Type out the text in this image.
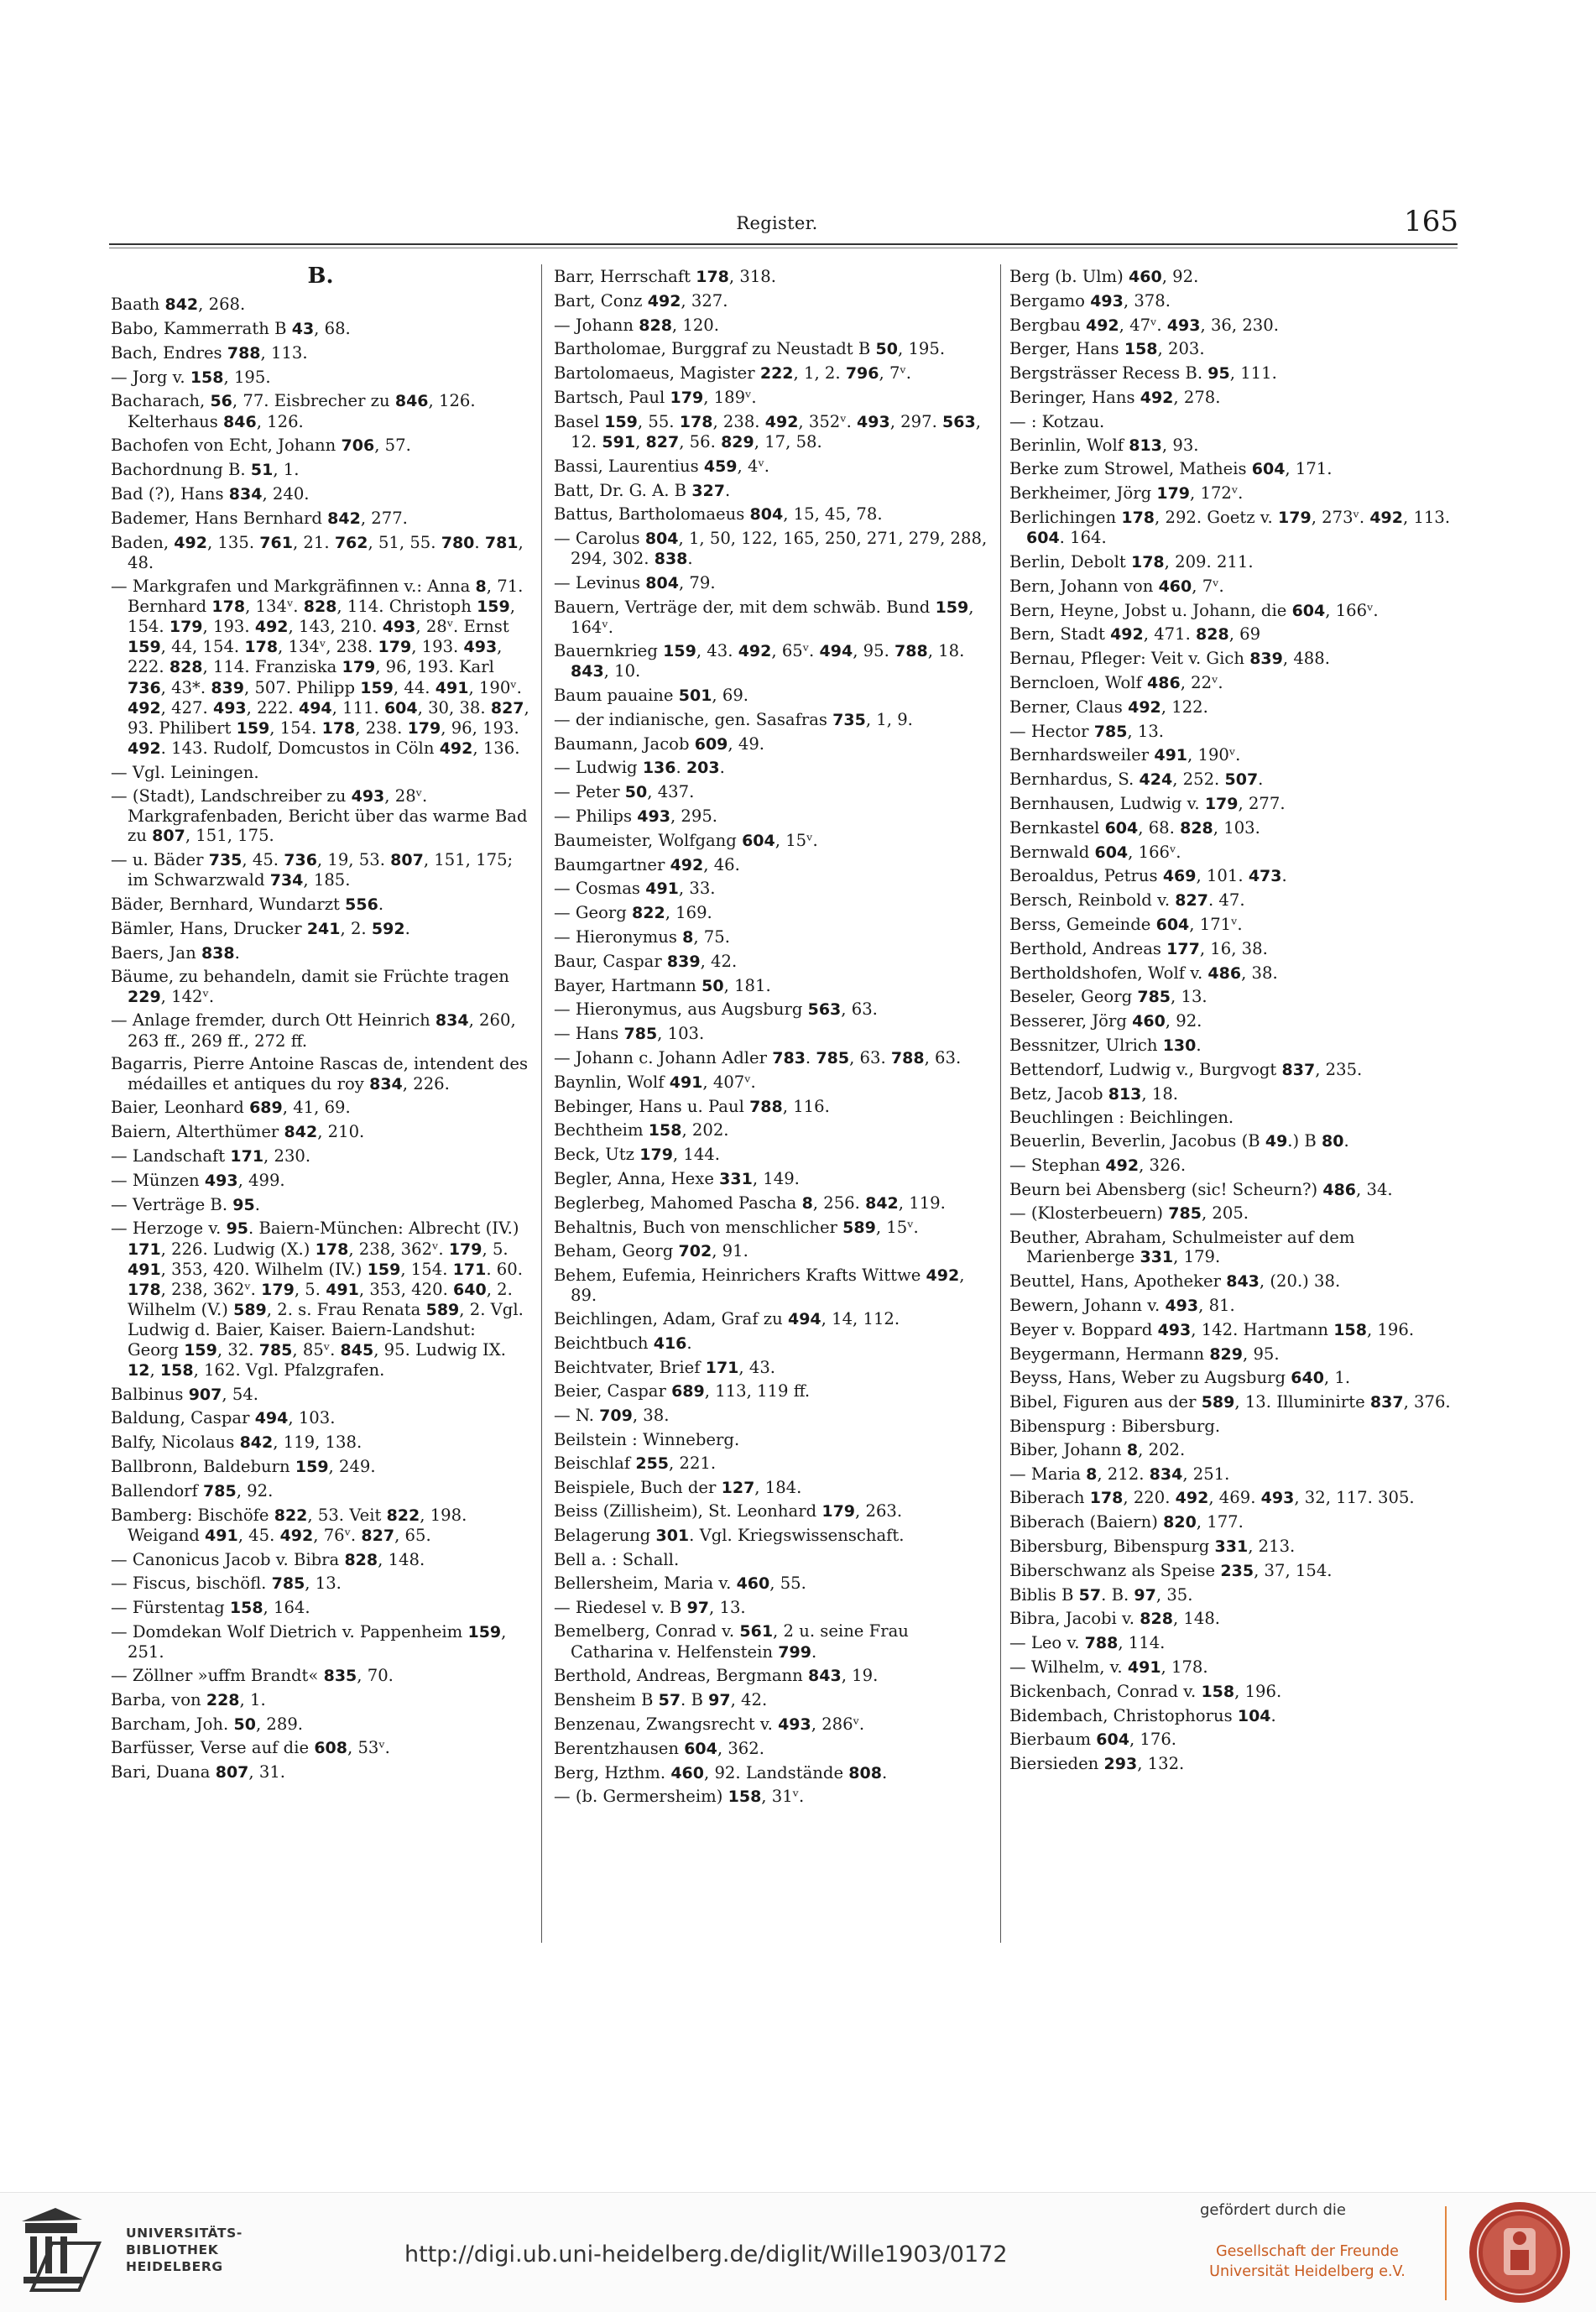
Register.	165
B.
Baath 842, 268.
Babo, Kammerrath B 43, 68.
Bach, Endres 788, 113.
— Jorg v. 158, 195.
Bacharach, 56, 77. Eisbrecher zu 846, 126. Kelterhaus 846, 126.
Bachofen von Echt, Johann 706, 57.
Bachordnung B. 51, 1.
Bad (?), Hans 834, 240.
Bademer, Hans Bernhard 842, 277.
Baden, 492, 135. 761, 21. 762, 51, 55. 780. 781, 48.
— Markgrafen und Markgräfinnen v.: Anna 8, 71. Bernhard 178, 134ᵛ. 828, 114. Christoph 159, 154. 179, 193. 492, 143, 210. 493, 28ᵛ. Ernst 159, 44, 154. 178, 134ᵛ, 238. 179, 193. 493, 222. 828, 114. Franziska 179, 96, 193. Karl 736, 43*. 839, 507. Philipp 159, 44. 491, 190ᵛ. 492, 427. 493, 222. 494, 111. 604, 30, 38. 827, 93. Philibert 159, 154. 178, 238. 179, 96, 193. 492. 143. Rudolf, Domcustos in Cöln 492, 136.
— Vgl. Leiningen.
— (Stadt), Landschreiber zu 493, 28ᵛ. Markgrafenbaden, Bericht über das warme Bad zu 807, 151, 175.
— u. Bäder 735, 45. 736, 19, 53. 807, 151, 175; im Schwarzwald 734, 185.
Bäder, Bernhard, Wundarzt 556.
Bämler, Hans, Drucker 241, 2. 592.
Baers, Jan 838.
Bäume, zu behandeln, damit sie Früchte tragen 229, 142ᵛ.
— Anlage fremder, durch Ott Heinrich 834, 260, 263 ff., 269 ff., 272 ff.
Bagarris, Pierre Antoine Rascas de, intendent des médailles et antiques du roy 834, 226.
Baier, Leonhard 689, 41, 69.
Baiern, Alterthümer 842, 210.
— Landschaft 171, 230.
— Münzen 493, 499.
— Verträge B. 95.
— Herzoge v. 95. Baiern-München: Albrecht (IV.) 171, 226. Ludwig (X.) 178, 238, 362ᵛ. 179, 5. 491, 353, 420. Wilhelm (IV.) 159, 154. 171. 60. 178, 238, 362ᵛ. 179, 5. 491, 353, 420. 640, 2. Wilhelm (V.) 589, 2. s. Frau Renata 589, 2. Vgl. Ludwig d. Baier, Kaiser. Baiern-Landshut: Georg 159, 32. 785, 85ᵛ. 845, 95. Ludwig IX. 12, 158, 162. Vgl. Pfalzgrafen.
Balbinus 907, 54.
Baldung, Caspar 494, 103.
Balfy, Nicolaus 842, 119, 138.
Ballbronn, Baldeburn 159, 249.
Ballendorf 785, 92.
Bamberg: Bischöfe 822, 53. Veit 822, 198. Weigand 491, 45. 492, 76ᵛ. 827, 65.
— Canonicus Jacob v. Bibra 828, 148.
— Fiscus, bischöfl. 785, 13.
— Fürstentag 158, 164.
— Domdekan Wolf Dietrich v. Pappenheim 159, 251.
— Zöllner »uffm Brandt« 835, 70.
Barba, von 228, 1.
Barcham, Joh. 50, 289.
Barfüsser, Verse auf die 608, 53ᵛ.
Bari, Duana 807, 31.
Barr, Herrschaft 178, 318.
Bart, Conz 492, 327.
— Johann 828, 120.
Bartholomae, Burggraf zu Neustadt B 50, 195.
Bartolomaeus, Magister 222, 1, 2. 796, 7ᵛ.
Bartsch, Paul 179, 189ᵛ.
Basel 159, 55. 178, 238. 492, 352ᵛ. 493, 297. 563, 12. 591, 827, 56. 829, 17, 58.
Bassi, Laurentius 459, 4ᵛ.
Batt, Dr. G. A. B 327.
Battus, Bartholomaeus 804, 15, 45, 78.
— Carolus 804, 1, 50, 122, 165, 250, 271, 279, 288, 294, 302. 838.
— Levinus 804, 79.
Bauern, Verträge der, mit dem schwäb. Bund 159, 164ᵛ.
Bauernkrieg 159, 43. 492, 65ᵛ. 494, 95. 788, 18. 843, 10.
Baum pauaine 501, 69.
— der indianische, gen. Sasafras 735, 1, 9.
Baumann, Jacob 609, 49.
— Ludwig 136. 203.
— Peter 50, 437.
— Philips 493, 295.
Baumeister, Wolfgang 604, 15ᵛ.
Baumgartner 492, 46.
— Cosmas 491, 33.
— Georg 822, 169.
— Hieronymus 8, 75.
Baur, Caspar 839, 42.
Bayer, Hartmann 50, 181.
— Hieronymus, aus Augsburg 563, 63.
— Hans 785, 103.
— Johann c. Johann Adler 783. 785, 63. 788, 63.
Baynlin, Wolf 491, 407ᵛ.
Bebinger, Hans u. Paul 788, 116.
Bechtheim 158, 202.
Beck, Utz 179, 144.
Begler, Anna, Hexe 331, 149.
Beglerbeg, Mahomed Pascha 8, 256. 842, 119.
Behaltnis, Buch von menschlicher 589, 15ᵛ.
Beham, Georg 702, 91.
Behem, Eufemia, Heinrichers Krafts Wittwe 492, 89.
Beichlingen, Adam, Graf zu 494, 14, 112.
Beichtbuch 416.
Beichtvater, Brief 171, 43.
Beier, Caspar 689, 113, 119 ff.
— N. 709, 38.
Beilstein : Winneberg.
Beischlaf 255, 221.
Beispiele, Buch der 127, 184.
Beiss (Zillisheim), St. Leonhard 179, 263.
Belagerung 301. Vgl. Kriegswissenschaft.
Bell a. : Schall.
Bellersheim, Maria v. 460, 55.
— Riedesel v. B 97, 13.
Bemelberg, Conrad v. 561, 2 u. seine Frau Catharina v. Helfenstein 799.
Berthold, Andreas, Bergmann 843, 19.
Bensheim B 57. B 97, 42.
Benzenau, Zwangsrecht v. 493, 286ᵛ.
Berentzhausen 604, 362.
Berg, Hzthm. 460, 92. Landstände 808.
— (b. Germersheim) 158, 31ᵛ.
Berg (b. Ulm) 460, 92.
Bergamo 493, 378.
Bergbau 492, 47ᵛ. 493, 36, 230.
Berger, Hans 158, 203.
Bergsträsser Recess B. 95, 111.
Beringer, Hans 492, 278.
— : Kotzau.
Berinlin, Wolf 813, 93.
Berke zum Strowel, Matheis 604, 171.
Berkheimer, Jörg 179, 172ᵛ.
Berlichingen 178, 292. Goetz v. 179, 273ᵛ. 492, 113. 604. 164.
Berlin, Debolt 178, 209. 211.
Bern, Johann von 460, 7ᵛ.
Bern, Heyne, Jobst u. Johann, die 604, 166ᵛ.
Bern, Stadt 492, 471. 828, 69
Bernau, Pfleger: Veit v. Gich 839, 488.
Berncloen, Wolf 486, 22ᵛ.
Berner, Claus 492, 122.
— Hector 785, 13.
Bernhardsweiler 491, 190ᵛ.
Bernhardus, S. 424, 252. 507.
Bernhausen, Ludwig v. 179, 277.
Bernkastel 604, 68. 828, 103.
Bernwald 604, 166ᵛ.
Beroaldus, Petrus 469, 101. 473.
Bersch, Reinbold v. 827. 47.
Berss, Gemeinde 604, 171ᵛ.
Berthold, Andreas 177, 16, 38.
Bertholdshofen, Wolf v. 486, 38.
Beseler, Georg 785, 13.
Besserer, Jörg 460, 92.
Bessnitzer, Ulrich 130.
Bettendorf, Ludwig v., Burgvogt 837, 235.
Betz, Jacob 813, 18.
Beuchlingen : Beichlingen.
Beuerlin, Beverlin, Jacobus (B 49.) B 80.
— Stephan 492, 326.
Beurn bei Abensberg (sic! Scheurn?) 486, 34.
— (Klosterbeuern) 785, 205.
Beuther, Abraham, Schulmeister auf dem Marienberge 331, 179.
Beuttel, Hans, Apotheker 843, (20.) 38.
Bewern, Johann v. 493, 81.
Beyer v. Boppard 493, 142. Hartmann 158, 196.
Beygermann, Hermann 829, 95.
Beyss, Hans, Weber zu Augsburg 640, 1.
Bibel, Figuren aus der 589, 13. Illuminirte 837, 376.
Bibenspurg : Bibersburg.
Biber, Johann 8, 202.
— Maria 8, 212. 834, 251.
Biberach 178, 220. 492, 469. 493, 32, 117. 305.
Biberach (Baiern) 820, 177.
Bibersburg, Bibenspurg 331, 213.
Biberschwanz als Speise 235, 37, 154.
Biblis B 57. B. 97, 35.
Bibra, Jacobi v. 828, 148.
— Leo v. 788, 114.
— Wilhelm, v. 491, 178.
Bickenbach, Conrad v. 158, 196.
Bidembach, Christophorus 104.
Bierbaum 604, 176.
Biersieden 293, 132.
UNIVERSITÄTS-
BIBLIOTHEK
HEIDELBERG	http://digi.ub.uni-heidelberg.de/diglit/Wille1903/0172
gefördert durch die
Gesellschaft der Freunde
Universität Heidelberg e.V.
